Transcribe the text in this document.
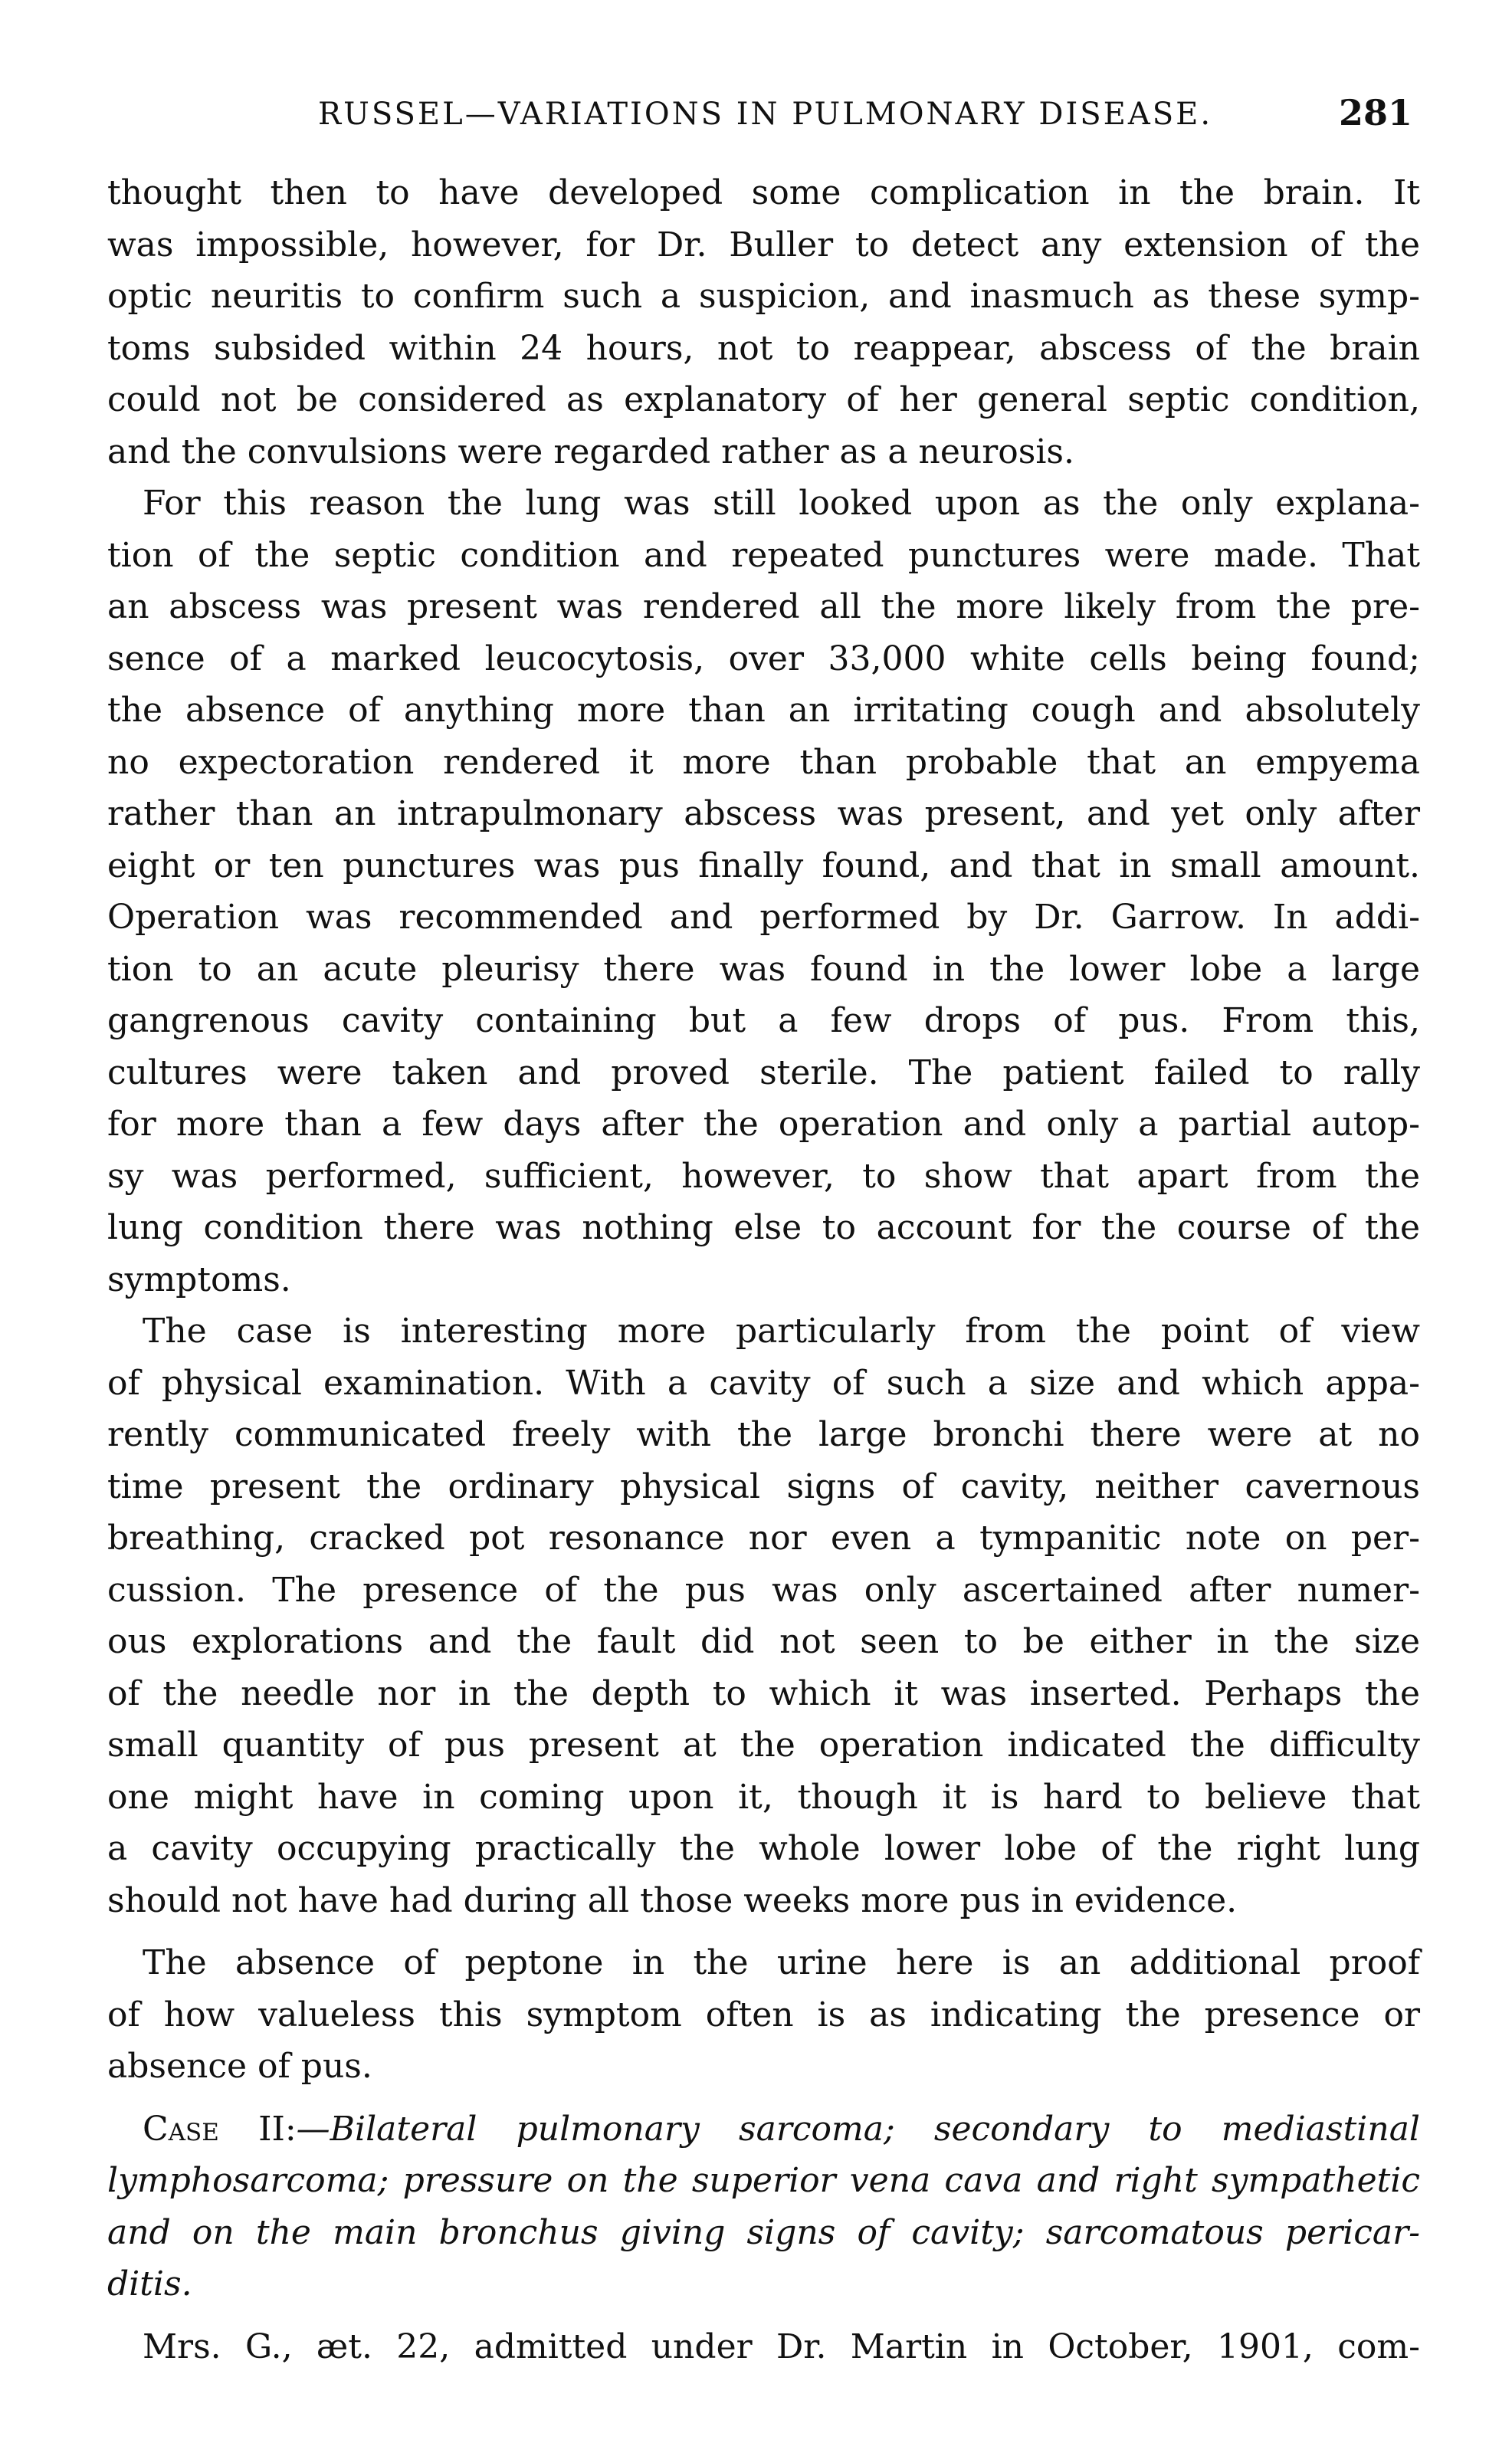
RUSSEL—VARIATIONS IN PULMONARY DISEASE.	281
thought then to have developed some complication in the brain. It
was impossible, however, for Dr. Buller to detect any extension of the
optic neuritis to confirm such a suspicion, and inasmuch as these symp-
toms subsided within 24 hours, not to reappear, abscess of the brain
could not be considered as explanatory of her general septic condition,
and the convulsions were regarded rather as a neurosis.
For this reason the lung was still looked upon as the only explana-
tion of the septic condition and repeated punctures were made. That
an abscess was present was rendered all the more likely from the pre-
sence of a marked leucocytosis, over 33,000 white cells being found;
the absence of anything more than an irritating cough and absolutely
no expectoration rendered it more than probable that an empyema
rather than an intrapulmonary abscess was present, and yet only after
eight or ten punctures was pus finally found, and that in small amount.
Operation was recommended and performed by Dr. Garrow. In addi-
tion to an acute pleurisy there was found in the lower lobe a large
gangrenous cavity containing but a few drops of pus. From this,
cultures were taken and proved sterile. The patient failed to rally
for more than a few days after the operation and only a partial autop-
sy was performed, sufficient, however, to show that apart from the
lung condition there was nothing else to account for the course of the
symptoms.
The case is interesting more particularly from the point of view
of physical examination. With a cavity of such a size and which appa-
rently communicated freely with the large bronchi there were at no
time present the ordinary physical signs of cavity, neither cavernous
breathing, cracked pot resonance nor even a tympanitic note on per-
cussion. The presence of the pus was only ascertained after numer-
ous explorations and the fault did not seen to be either in the size
of the needle nor in the depth to which it was inserted. Perhaps the
small quantity of pus present at the operation indicated the difficulty
one might have in coming upon it, though it is hard to believe that
a cavity occupying practically the whole lower lobe of the right lung
should not have had during all those weeks more pus in evidence.
The absence of peptone in the urine here is an additional proof
of how valueless this symptom often is as indicating the presence or
absence of pus.
Case II:—Bilateral pulmonary sarcoma; secondary to mediastinal
lymphosarcoma; pressure on the superior vena cava and right sympathetic
and on the main bronchus giving signs of cavity; sarcomatous pericar-
ditis.
Mrs. G., æt. 22, admitted under Dr. Martin in October, 1901, com-
